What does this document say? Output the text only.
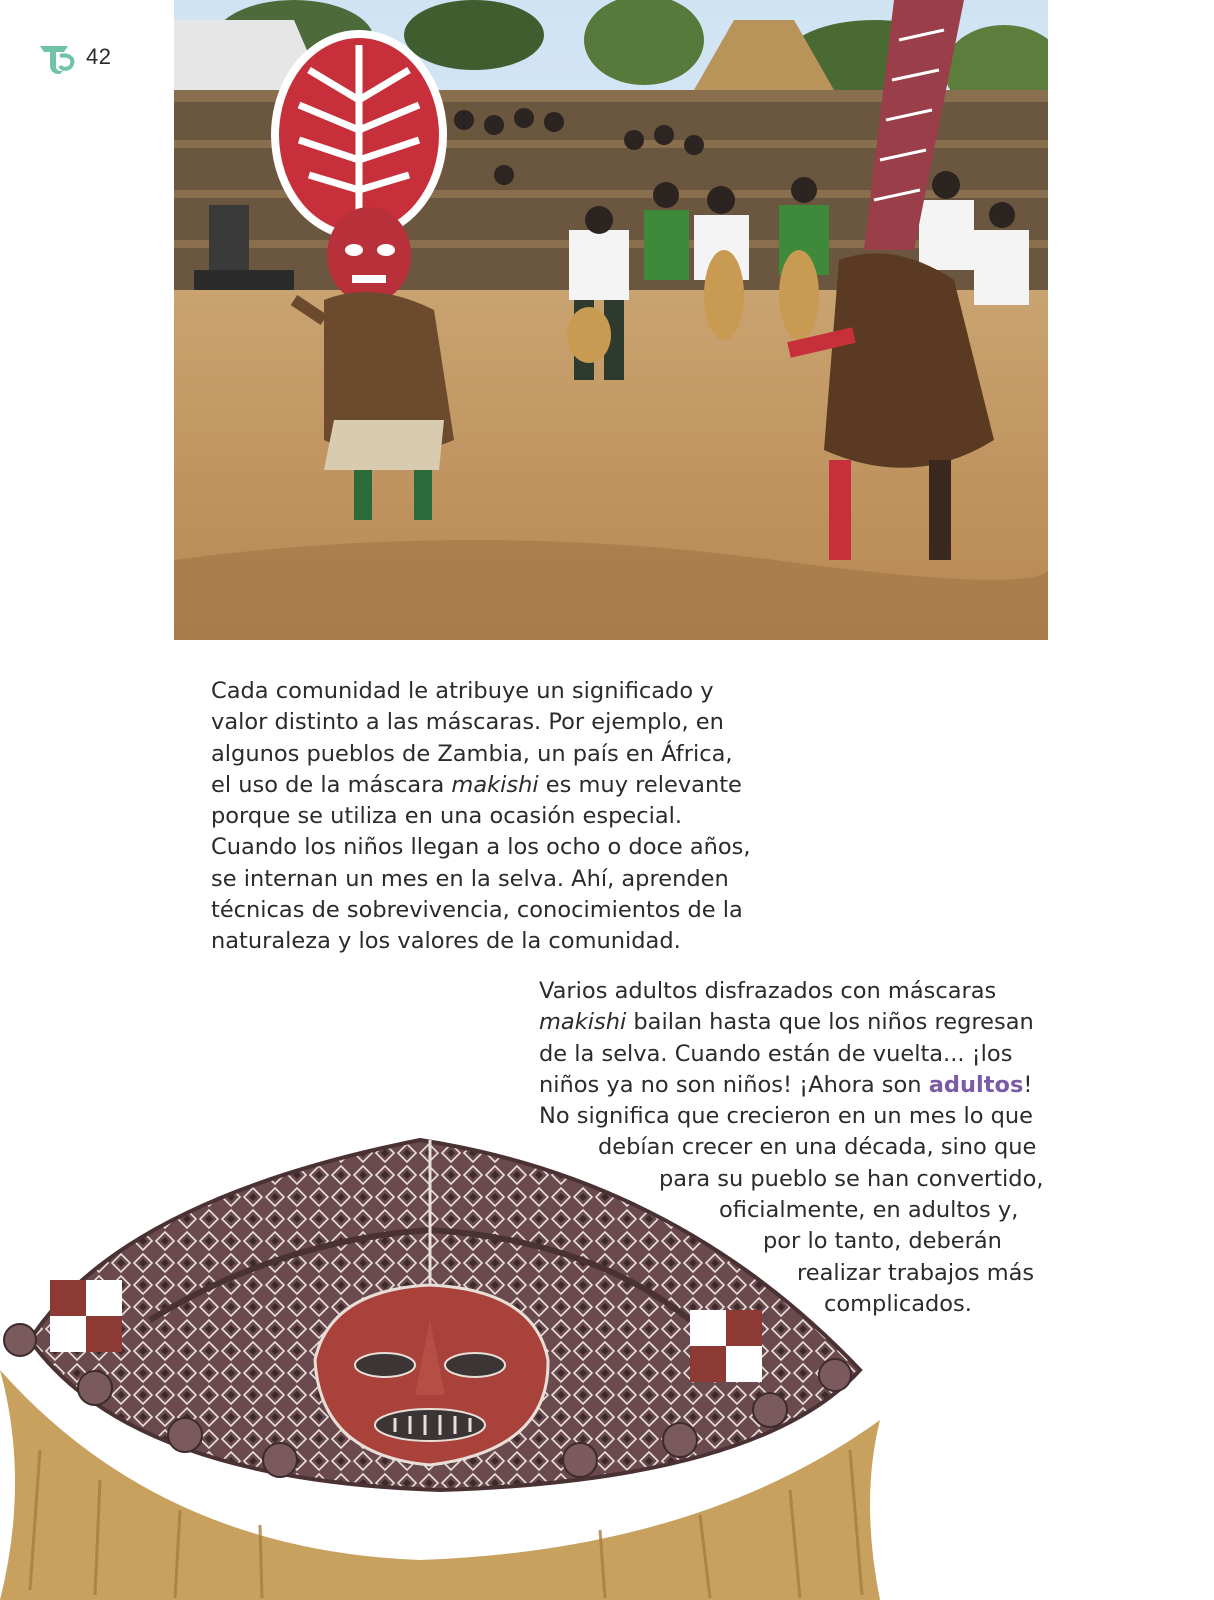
42

Cada comunidad le atribuye un significado y
valor distinto a las máscaras. Por ejemplo, en
algunos pueblos de Zambia, un país en África,
el uso de la máscara makishi es muy relevante
porque se utiliza en una ocasión especial.
Cuando los niños llegan a los ocho o doce años,
se internan un mes en la selva. Ahí, aprenden
técnicas de sobrevivencia, conocimientos de la
naturaleza y los valores de la comunidad.

Varios adultos disfrazados con máscaras
makishi bailan hasta que los niños regresan
de la selva. Cuando están de vuelta... ¡los
niños ya no son niños! ¡Ahora son adultos!
No significa que crecieron en un mes lo que
debían crecer en una década, sino que
para su pueblo se han convertido,
oficialmente, en adultos y,
por lo tanto, deberán
realizar trabajos más
complicados.
